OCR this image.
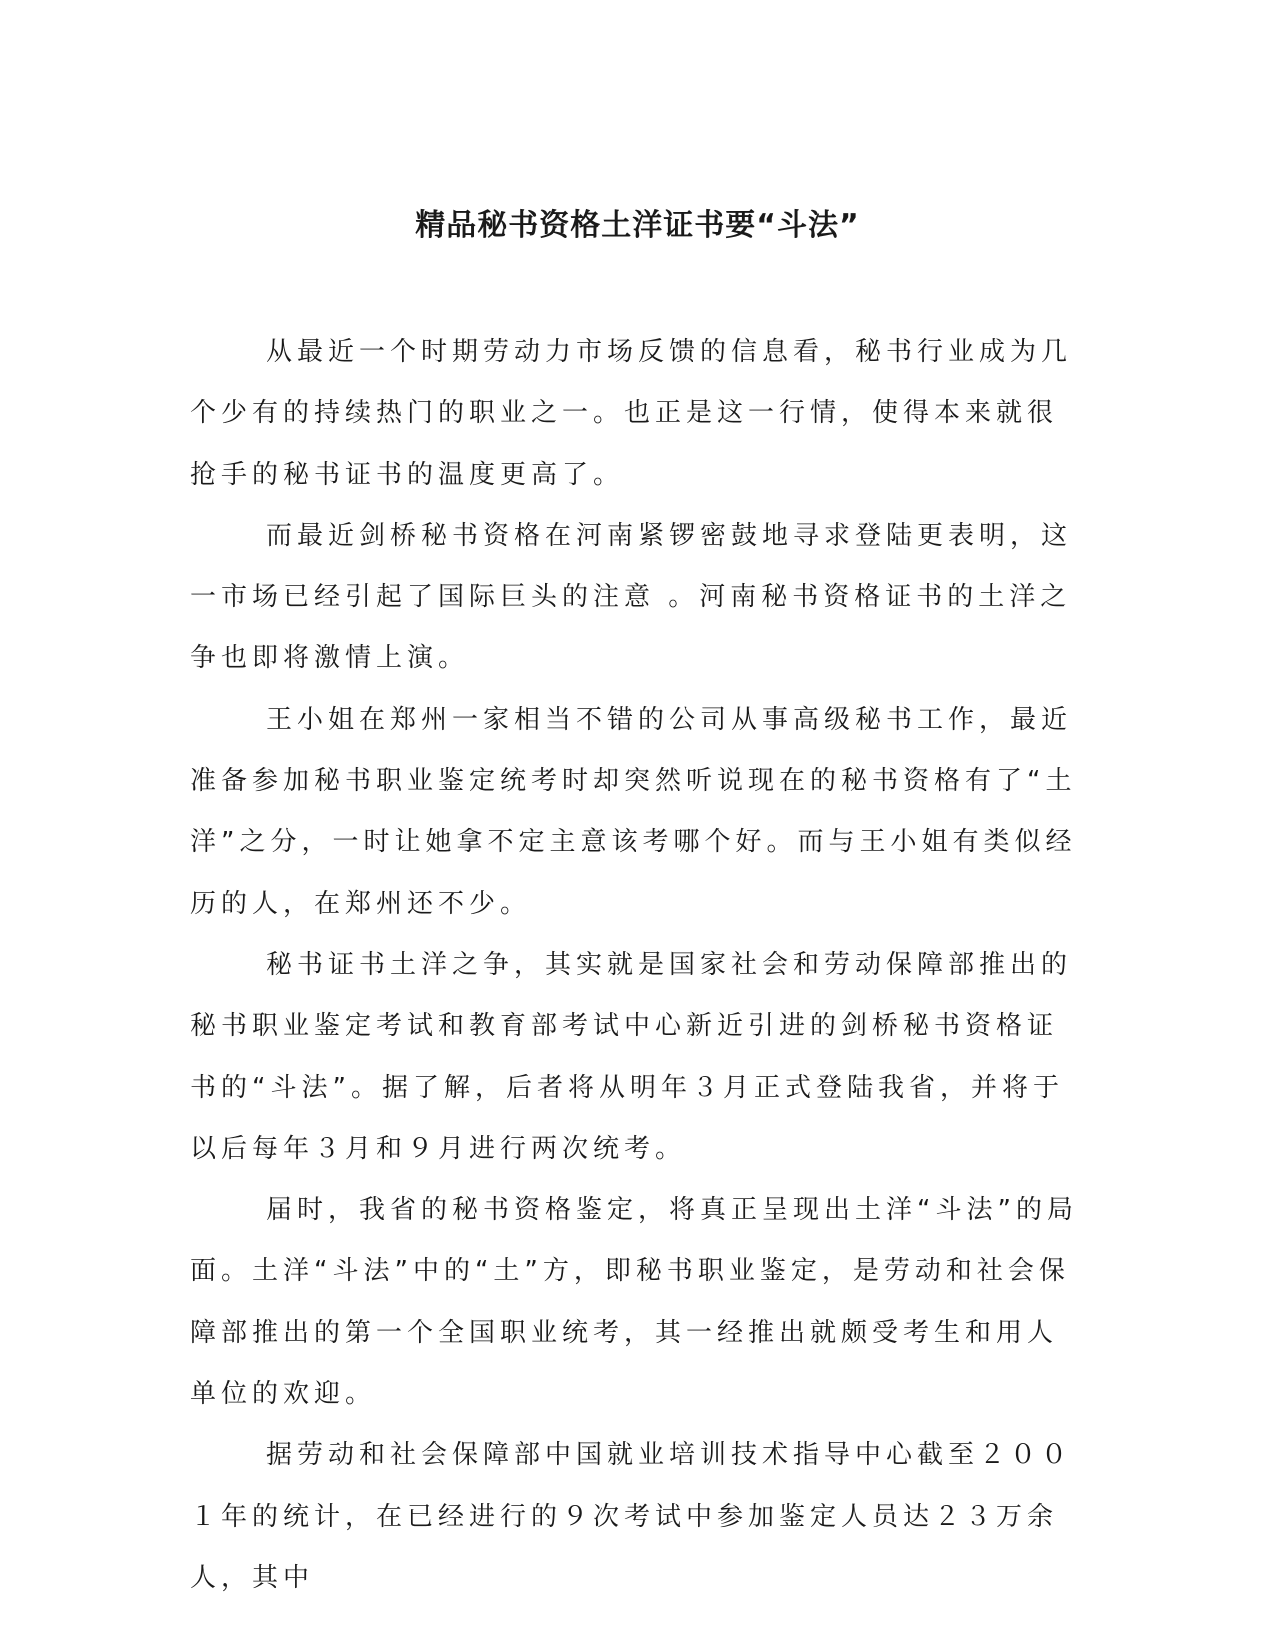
精品秘书资格土洋证书要“斗法”

从最近一个时期劳动力市场反馈的信息看，秘书行业成为几个少有的持续热门的职业之一。也正是这一行情，使得本来就很抢手的秘书证书的温度更高了。

而最近剑桥秘书资格在河南紧锣密鼓地寻求登陆更表明，这一市场已经引起了国际巨头的注意 。河南秘书资格证书的土洋之争也即将激情上演。

王小姐在郑州一家相当不错的公司从事高级秘书工作，最近准备参加秘书职业鉴定统考时却突然听说现在的秘书资格有了“土洋”之分，一时让她拿不定主意该考哪个好。而与王小姐有类似经历的人，在郑州还不少。

秘书证书土洋之争，其实就是国家社会和劳动保障部推出的秘书职业鉴定考试和教育部考试中心新近引进的剑桥秘书资格证书的“斗法”。据了解，后者将从明年３月正式登陆我省，并将于以后每年３月和９月进行两次统考。

届时，我省的秘书资格鉴定，将真正呈现出土洋“斗法”的局面。土洋“斗法”中的“土”方，即秘书职业鉴定，是劳动和社会保障部推出的第一个全国职业统考，其一经推出就颇受考生和用人单位的欢迎。

据劳动和社会保障部中国就业培训技术指导中心截至２００１年的统计，在已经进行的９次考试中参加鉴定人员达２３万余人，其中
